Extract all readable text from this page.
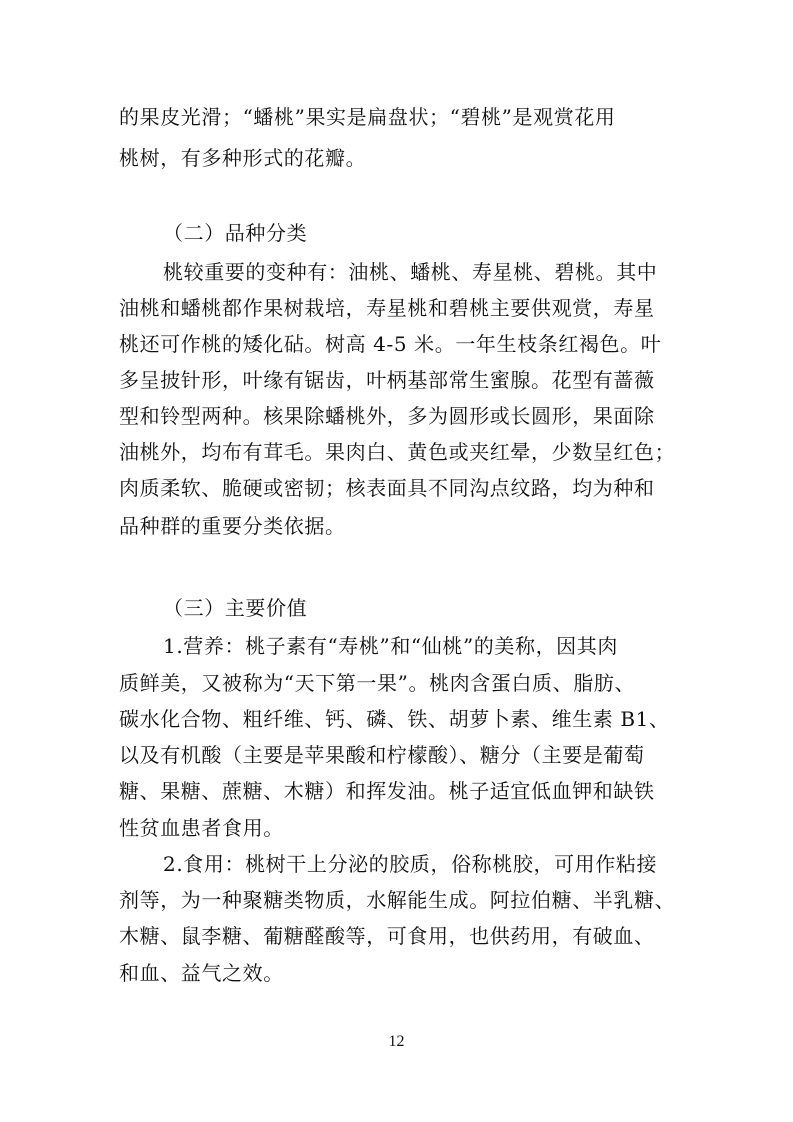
的果皮光滑；“蟠桃”果实是扁盘状；“碧桃”是观赏花用
桃树，有多种形式的花瓣。
（二）品种分类
桃较重要的变种有：油桃、蟠桃、寿星桃、碧桃。其中
油桃和蟠桃都作果树栽培，寿星桃和碧桃主要供观赏，寿星
桃还可作桃的矮化砧。树高 4-5 米。一年生枝条红褐色。叶
多呈披针形，叶缘有锯齿，叶柄基部常生蜜腺。花型有蔷薇
型和铃型两种。核果除蟠桃外，多为圆形或长圆形，果面除
油桃外，均布有茸毛。果肉白、黄色或夹红晕，少数呈红色；
肉质柔软、脆硬或密韧；核表面具不同沟点纹路，均为种和
品种群的重要分类依据。
（三）主要价值
1.营养：桃子素有“寿桃”和“仙桃”的美称，因其肉
质鲜美，又被称为“天下第一果”。桃肉含蛋白质、脂肪、
碳水化合物、粗纤维、钙、磷、铁、胡萝卜素、维生素 B1、
以及有机酸（主要是苹果酸和柠檬酸）、糖分（主要是葡萄
糖、果糖、蔗糖、木糖）和挥发油。桃子适宜低血钾和缺铁
性贫血患者食用。
2.食用：桃树干上分泌的胶质，俗称桃胶，可用作粘接
剂等，为一种聚糖类物质，水解能生成。阿拉伯糖、半乳糖、
木糖、鼠李糖、葡糖醛酸等，可食用，也供药用，有破血、
和血、益气之效。
12
